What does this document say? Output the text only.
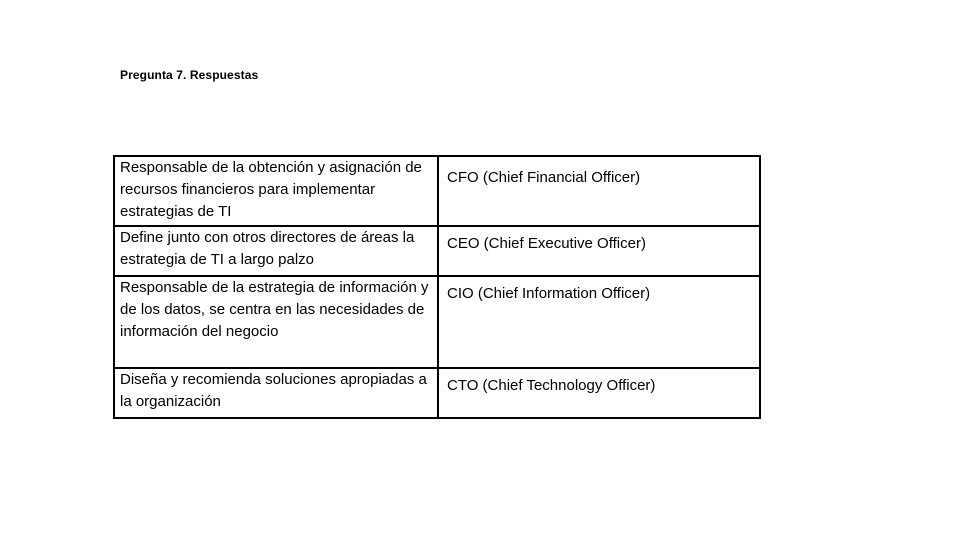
Pregunta 7. Respuestas
Responsable de la obtención y asignación de recursos financieros para implementar estrategias de TI	CFO (Chief Financial Officer)
Define junto con otros directores de áreas la estrategia de TI a largo palzo	CEO (Chief Executive Officer)
Responsable de la estrategia de información y de los datos, se centra en las necesidades de información del negocio	CIO (Chief Information Officer)
Diseña y recomienda soluciones apropiadas a la organización	CTO (Chief Technology Officer)
